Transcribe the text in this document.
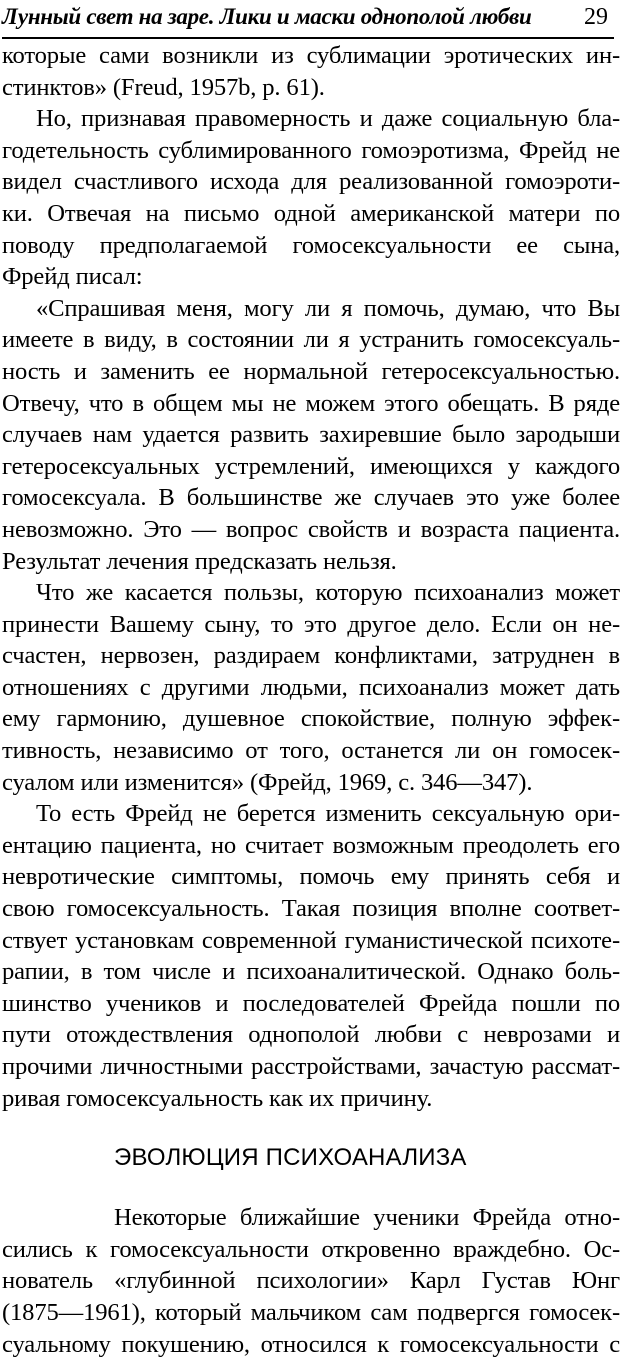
Лунный свет на заре. Лики и маски однополой любви 29
которые сами возникли из сублимации эротических ин-
стинктов» (Freud, 1957b, p. 61).
Но, признавая правомерность и даже социальную бла-
годетельность сублимированного гомоэротизма, Фрейд не
видел счастливого исхода для реализованной гомоэроти-
ки. Отвечая на письмо одной американской матери по
поводу предполагаемой гомосексуальности ее сына,
Фрейд писал:
«Спрашивая меня, могу ли я помочь, думаю, что Вы
имеете в виду, в состоянии ли я устранить гомосексуаль-
ность и заменить ее нормальной гетеросексуальностью.
Отвечу, что в общем мы не можем этого обещать. В ряде
случаев нам удается развить захиревшие было зародыши
гетеросексуальных устремлений, имеющихся у каждого
гомосексуала. В большинстве же случаев это уже более
невозможно. Это — вопрос свойств и возраста пациента.
Результат лечения предсказать нельзя.
Что же касается пользы, которую психоанализ может
принести Вашему сыну, то это другое дело. Если он не-
счастен, нервозен, раздираем конфликтами, затруднен в
отношениях с другими людьми, психоанализ может дать
ему гармонию, душевное спокойствие, полную эффек-
тивность, независимо от того, останется ли он гомосек-
суалом или изменится» (Фрейд, 1969, с. 346—347).
То есть Фрейд не берется изменить сексуальную ори-
ентацию пациента, но считает возможным преодолеть его
невротические симптомы, помочь ему принять себя и
свою гомосексуальность. Такая позиция вполне соответ-
ствует установкам современной гуманистической психоте-
рапии, в том числе и психоаналитической. Однако боль-
шинство учеников и последователей Фрейда пошли по
пути отождествления однополой любви с неврозами и
прочими личностными расстройствами, зачастую рассмат-
ривая гомосексуальность как их причину.
ЭВОЛЮЦИЯ ПСИХОАНАЛИЗА
Некоторые ближайшие ученики Фрейда отно-
сились к гомосексуальности откровенно враждебно. Ос-
нователь «глубинной психологии» Карл Густав Юнг
(1875—1961), который мальчиком сам подвергся гомосек-
суальному покушению, относился к гомосексуальности с
